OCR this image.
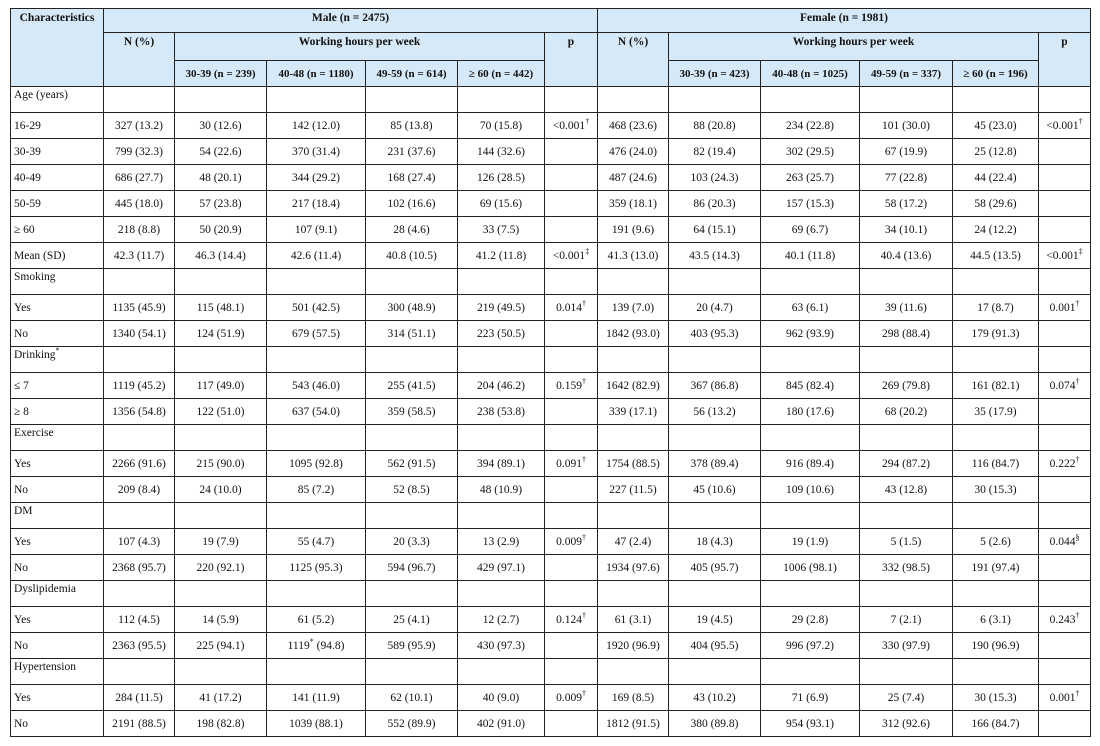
Characteristics	Male (n = 2475)						Female (n = 1981)					
	N (%)	Working hours per week				p	N (%)	Working hours per week				p
		30-39 (n = 239)	40-48 (n = 1180)	49-59 (n = 614)	≥ 60 (n = 442)			30-39 (n = 423)	40-48 (n = 1025)	49-59 (n = 337)	≥ 60 (n = 196)	
Age (years)												
16-29	327 (13.2)	30 (12.6)	142 (12.0)	85 (13.8)	70 (15.8)	<0.001†	468 (23.6)	88 (20.8)	234 (22.8)	101 (30.0)	45 (23.0)	<0.001†
30-39	799 (32.3)	54 (22.6)	370 (31.4)	231 (37.6)	144 (32.6)		476 (24.0)	82 (19.4)	302 (29.5)	67 (19.9)	25 (12.8)	
40-49	686 (27.7)	48 (20.1)	344 (29.2)	168 (27.4)	126 (28.5)		487 (24.6)	103 (24.3)	263 (25.7)	77 (22.8)	44 (22.4)	
50-59	445 (18.0)	57 (23.8)	217 (18.4)	102 (16.6)	69 (15.6)		359 (18.1)	86 (20.3)	157 (15.3)	58 (17.2)	58 (29.6)	
≥ 60	218 (8.8)	50 (20.9)	107 (9.1)	28 (4.6)	33 (7.5)		191 (9.6)	64 (15.1)	69 (6.7)	34 (10.1)	24 (12.2)	
Mean (SD)	42.3 (11.7)	46.3 (14.4)	42.6 (11.4)	40.8 (10.5)	41.2 (11.8)	<0.001‡	41.3 (13.0)	43.5 (14.3)	40.1 (11.8)	40.4 (13.6)	44.5 (13.5)	<0.001‡
Smoking												
Yes	1135 (45.9)	115 (48.1)	501 (42.5)	300 (48.9)	219 (49.5)	0.014†	139 (7.0)	20 (4.7)	63 (6.1)	39 (11.6)	17 (8.7)	0.001†
No	1340 (54.1)	124 (51.9)	679 (57.5)	314 (51.1)	223 (50.5)		1842 (93.0)	403 (95.3)	962 (93.9)	298 (88.4)	179 (91.3)	
Drinking*												
≤ 7	1119 (45.2)	117 (49.0)	543 (46.0)	255 (41.5)	204 (46.2)	0.159†	1642 (82.9)	367 (86.8)	845 (82.4)	269 (79.8)	161 (82.1)	0.074†
≥ 8	1356 (54.8)	122 (51.0)	637 (54.0)	359 (58.5)	238 (53.8)		339 (17.1)	56 (13.2)	180 (17.6)	68 (20.2)	35 (17.9)	
Exercise												
Yes	2266 (91.6)	215 (90.0)	1095 (92.8)	562 (91.5)	394 (89.1)	0.091†	1754 (88.5)	378 (89.4)	916 (89.4)	294 (87.2)	116 (84.7)	0.222†
No	209 (8.4)	24 (10.0)	85 (7.2)	52 (8.5)	48 (10.9)		227 (11.5)	45 (10.6)	109 (10.6)	43 (12.8)	30 (15.3)	
DM												
Yes	107 (4.3)	19 (7.9)	55 (4.7)	20 (3.3)	13 (2.9)	0.009†	47 (2.4)	18 (4.3)	19 (1.9)	5 (1.5)	5 (2.6)	0.044§
No	2368 (95.7)	220 (92.1)	1125 (95.3)	594 (96.7)	429 (97.1)		1934 (97.6)	405 (95.7)	1006 (98.1)	332 (98.5)	191 (97.4)	
Dyslipidemia												
Yes	112 (4.5)	14 (5.9)	61 (5.2)	25 (4.1)	12 (2.7)	0.124†	61 (3.1)	19 (4.5)	29 (2.8)	7 (2.1)	6 (3.1)	0.243†
No	2363 (95.5)	225 (94.1)	1119* (94.8)	589 (95.9)	430 (97.3)		1920 (96.9)	404 (95.5)	996 (97.2)	330 (97.9)	190 (96.9)	
Hypertension												
Yes	284 (11.5)	41 (17.2)	141 (11.9)	62 (10.1)	40 (9.0)	0.009†	169 (8.5)	43 (10.2)	71 (6.9)	25 (7.4)	30 (15.3)	0.001†
No	2191 (88.5)	198 (82.8)	1039 (88.1)	552 (89.9)	402 (91.0)		1812 (91.5)	380 (89.8)	954 (93.1)	312 (92.6)	166 (84.7)	
